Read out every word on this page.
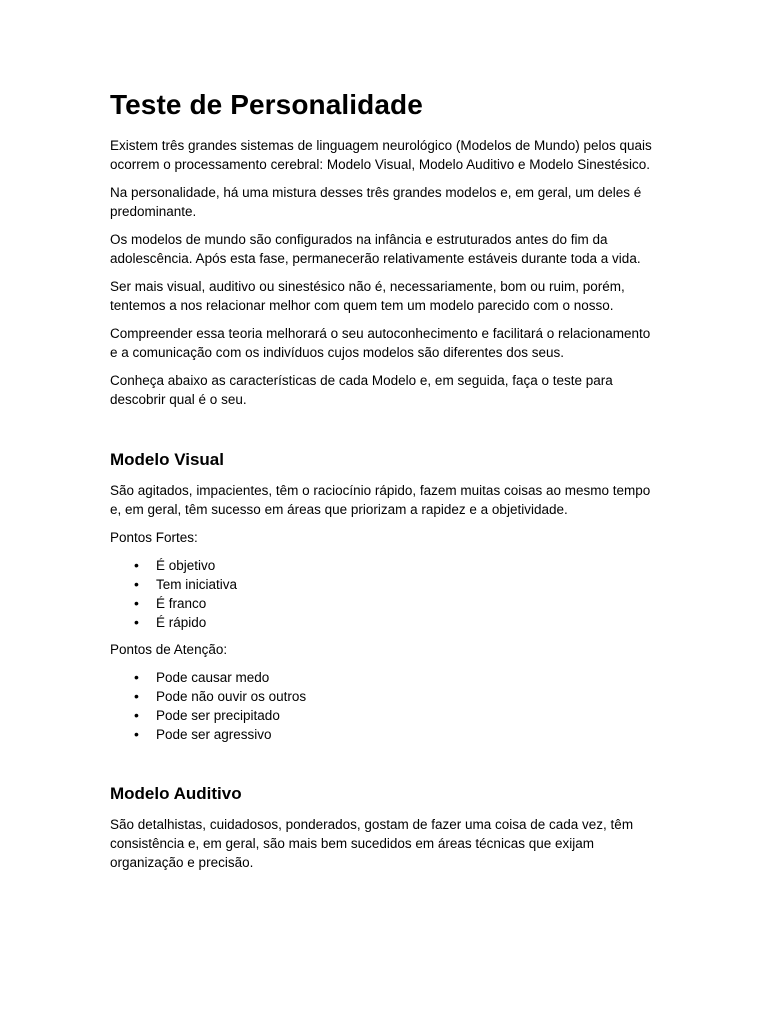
Teste de Personalidade

Existem três grandes sistemas de linguagem neurológico (Modelos de Mundo) pelos quais ocorrem o processamento cerebral: Modelo Visual, Modelo Auditivo e Modelo Sinestésico.

Na personalidade, há uma mistura desses três grandes modelos e, em geral, um deles é predominante.

Os modelos de mundo são configurados na infância e estruturados antes do fim da adolescência. Após esta fase, permanecerão relativamente estáveis durante toda a vida.

Ser mais visual, auditivo ou sinestésico não é, necessariamente, bom ou ruim, porém, tentemos a nos relacionar melhor com quem tem um modelo parecido com o nosso.

Compreender essa teoria melhorará o seu autoconhecimento e facilitará o relacionamento e a comunicação com os indivíduos cujos modelos são diferentes dos seus.

Conheça abaixo as características de cada Modelo e, em seguida, faça o teste para descobrir qual é o seu.

Modelo Visual

São agitados, impacientes, têm o raciocínio rápido, fazem muitas coisas ao mesmo tempo e, em geral, têm sucesso em áreas que priorizam a rapidez e a objetividade.

Pontos Fortes:

• É objetivo
• Tem iniciativa
• É franco
• É rápido

Pontos de Atenção:

• Pode causar medo
• Pode não ouvir os outros
• Pode ser precipitado
• Pode ser agressivo
Modelo Auditivo

São detalhistas, cuidadosos, ponderados, gostam de fazer uma coisa de cada vez, têm consistência e, em geral, são mais bem sucedidos em áreas técnicas que exijam organização e precisão.
